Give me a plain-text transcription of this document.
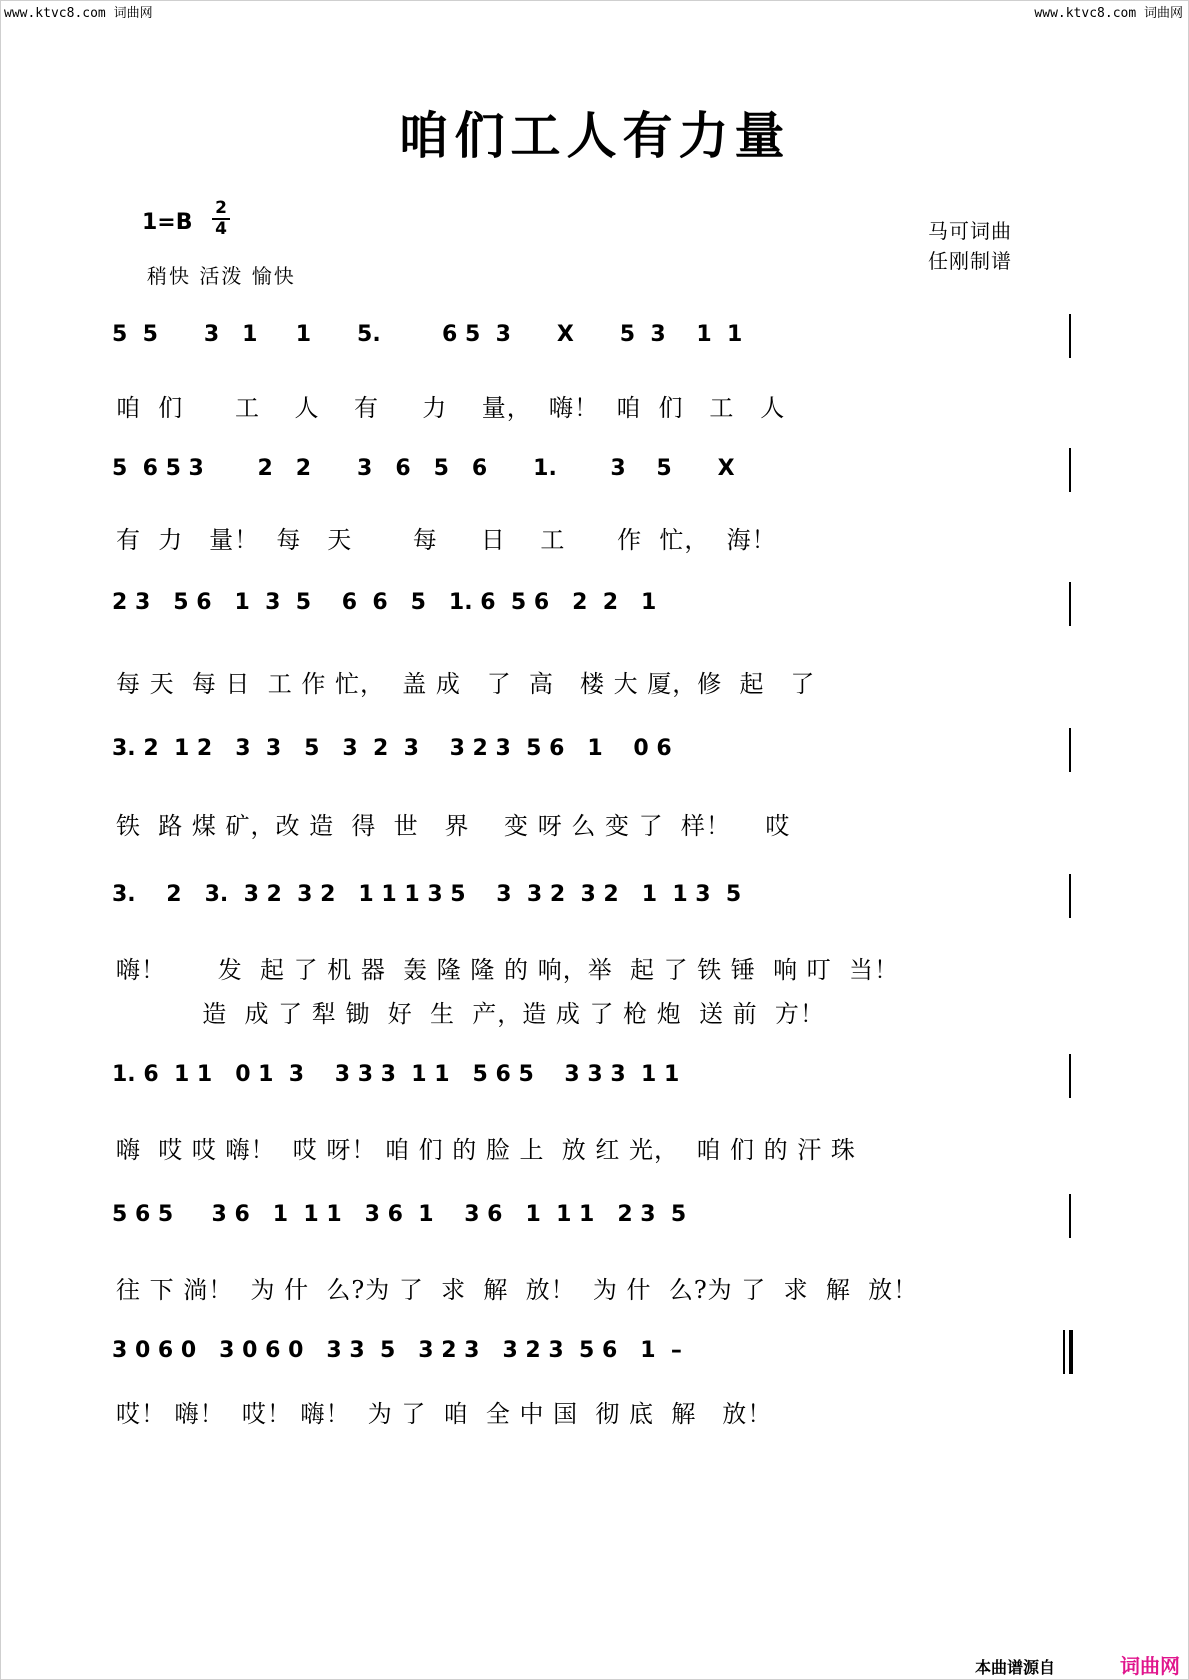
www.ktvc8.com 词曲网	www.ktvc8.com 词曲网
咱们工人有力量
1=B
2
4
稍快 活泼 愉快
马可词曲
任刚制谱
5  5      3   1     1      5.        6 5  3      X      5  3    1  1
咱  们      工    人    有     力    量，  嗨！  咱  们   工   人
5  6 5 3       2   2      3   6   5   6      1.       3    5      X
有  力   量！  每   天       每     日    工      作  忙，  海！
2 3   5 6   1  3  5    6  6   5   1. 6  5 6   2  2   1
每 天  每 日  工 作 忙，  盖 成   了  高   楼 大 厦，修  起   了
3. 2  1 2   3  3   5   3  2  3    3 2 3  5 6   1    0 6
铁  路 煤 矿，改 造  得  世   界    变 呀 么 变 了  样！    哎
3.    2   3.  3 2  3 2   1 1 1 3 5    3  3 2  3 2   1  1 3  5
嗨！      发  起 了 机 器  轰 隆 隆 的 响，举  起 了 铁 锤  响 叮  当！
造  成 了 犁 锄  好  生  产，造 成 了 枪 炮  送 前  方！
1. 6  1 1   0 1  3    3 3 3  1 1   5 6 5    3 3 3  1 1
嗨  哎 哎 嗨！  哎 呀！ 咱 们 的 脸 上  放 红 光，  咱 们 的 汗 珠
5 6 5     3 6   1  1 1   3 6  1    3 6   1  1 1   2 3  5
往 下 淌！  为 什  么?为 了  求  解  放！  为 什  么?为 了  求  解  放！
3 0 6 0   3 0 6 0   3 3  5   3 2 3   3 2 3  5 6   1  –
哎！ 嗨！  哎！ 嗨！  为 了  咱  全 中 国  彻 底  解   放！
本曲谱源自	词曲网
